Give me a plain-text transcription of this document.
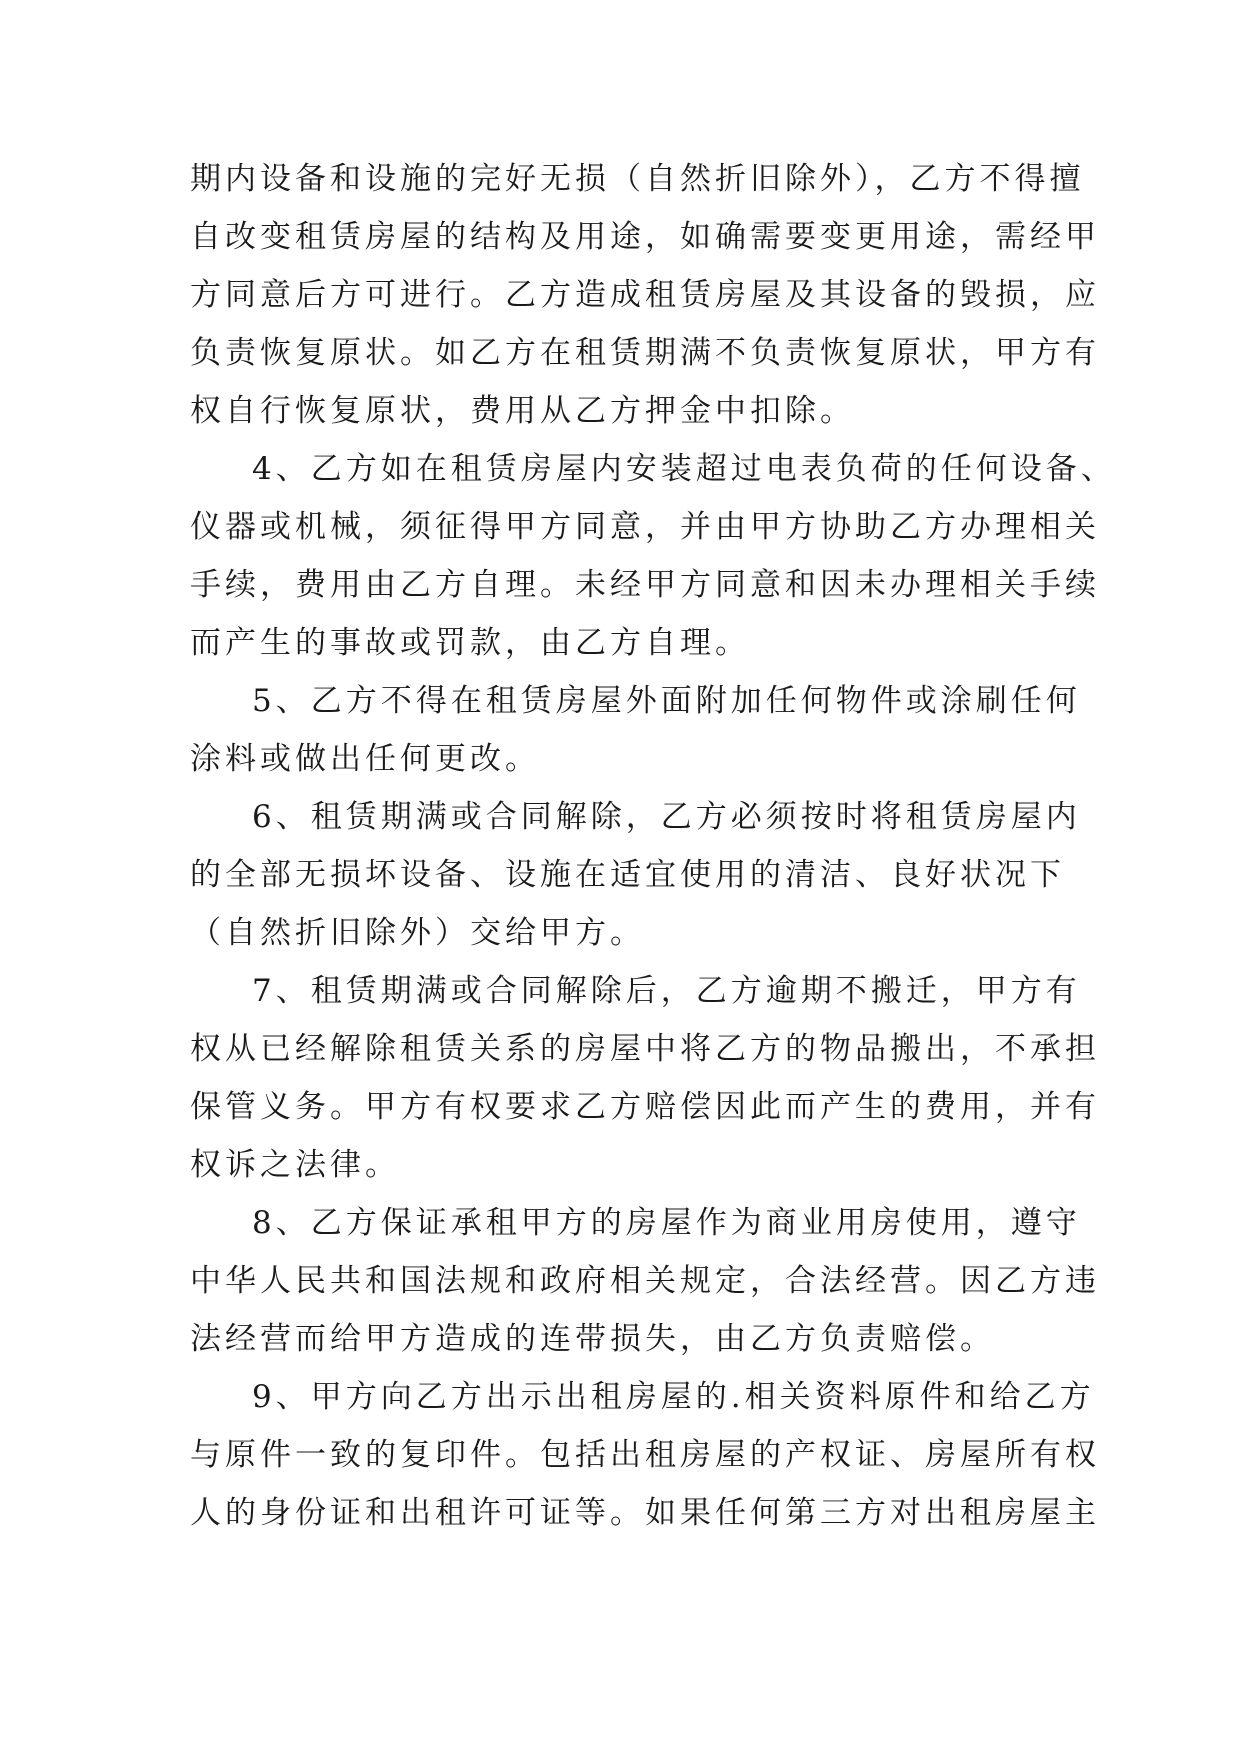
期内设备和设施的完好无损（自然折旧除外），乙方不得擅
自改变租赁房屋的结构及用途，如确需要变更用途，需经甲
方同意后方可进行。乙方造成租赁房屋及其设备的毁损，应
负责恢复原状。如乙方在租赁期满不负责恢复原状，甲方有
权自行恢复原状，费用从乙方押金中扣除。
4、乙方如在租赁房屋内安装超过电表负荷的任何设备、
仪器或机械，须征得甲方同意，并由甲方协助乙方办理相关
手续，费用由乙方自理。未经甲方同意和因未办理相关手续
而产生的事故或罚款，由乙方自理。
5、乙方不得在租赁房屋外面附加任何物件或涂刷任何
涂料或做出任何更改。
6、租赁期满或合同解除，乙方必须按时将租赁房屋内
的全部无损坏设备、设施在适宜使用的清洁、良好状况下
（自然折旧除外）交给甲方。
7、租赁期满或合同解除后，乙方逾期不搬迁，甲方有
权从已经解除租赁关系的房屋中将乙方的物品搬出，不承担
保管义务。甲方有权要求乙方赔偿因此而产生的费用，并有
权诉之法律。
8、乙方保证承租甲方的房屋作为商业用房使用，遵守
中华人民共和国法规和政府相关规定，合法经营。因乙方违
法经营而给甲方造成的连带损失，由乙方负责赔偿。
9、甲方向乙方出示出租房屋的.相关资料原件和给乙方
与原件一致的复印件。包括出租房屋的产权证、房屋所有权
人的身份证和出租许可证等。如果任何第三方对出租房屋主
